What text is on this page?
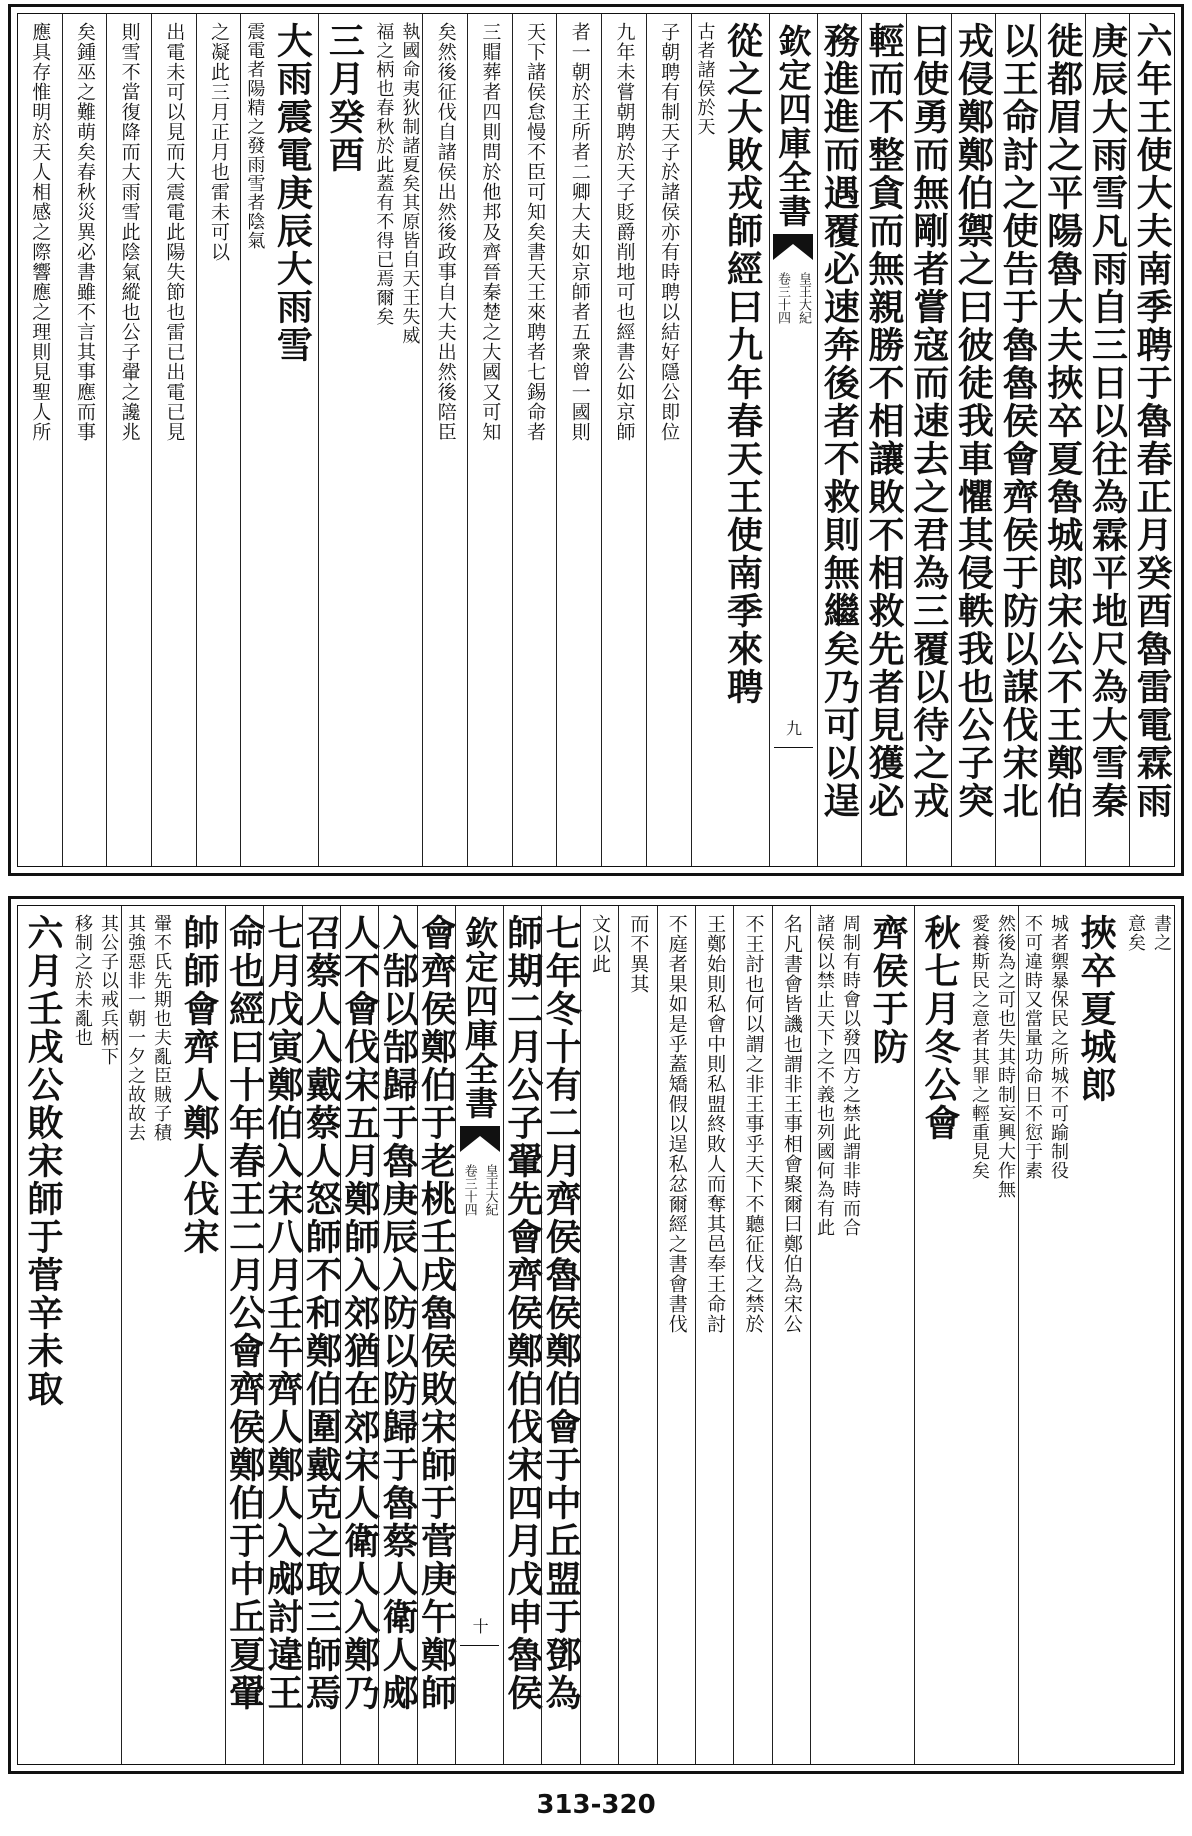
六年王使大夫南季聘于魯春正月癸酉魯雷電霖雨
庚辰大雨雪凡雨自三日以往為霖平地尺為大雪秦
徙都眉之平陽魯大夫挾卒夏魯城郎宋公不王鄭伯
以王命討之使告于魯魯侯會齊侯于防以謀伐宋北
戎侵鄭鄭伯禦之曰彼徒我車懼其侵軼我也公子突
曰使勇而無剛者嘗寇而速去之君為三覆以待之戎
輕而不整貪而無親勝不相讓敗不相救先者見獲必
務進進而遇覆必速奔後者不救則無繼矣乃可以逞
欽定四庫全書
皇王大紀
卷三十四
九
從之大敗戎師經曰九年春天王使南季來聘
古者諸侯於天
子朝聘有制天子於諸侯亦有時聘以結好隱公即位
九年未嘗朝聘於天子貶爵削地可也經書公如京師
者一朝於王所者二卿大夫如京師者五衆曾一國則
天下諸侯怠慢不臣可知矣書天王來聘者七錫命者
三賵葬者四則問於他邦及齊晉秦楚之大國又可知
矣然後征伐自諸侯出然後政事自大夫出然後陪臣
執國命夷狄制諸夏矣其原皆自天王失威
福之柄也春秋於此蓋有不得已焉爾矣
三月癸酉
大雨震電庚辰大雨雪
震電者陽精之發雨雪者陰氣
之凝此三月正月也雷未可以
出電未可以見而大震電此陽失節也雷已出電已見
則雪不當復降而大雨雪此陰氣縱也公子翬之讒兆
矣鍾巫之難萌矣春秋災異必書雖不言其事應而事
應具存惟明於天人相感之際響應之理則見聖人所
書之
意矣
挾卒夏城郎
城者禦暴保民之所城不可踰制役
不可違時又當量功命日不愆于素
然後為之可也失其時制妄興大作無
愛養斯民之意者其罪之輕重見矣
秋七月冬公會
齊侯于防
周制有時會以發四方之禁此謂非時而合
諸侯以禁止天下之不義也列國何為有此
名凡書會皆譏也謂非王事相會聚爾曰鄭伯為宋公
不王討也何以謂之非王事乎天下不聽征伐之禁於
王鄭始則私會中則私盟終敗人而奪其邑奉王命討
不庭者果如是乎蓋矯假以逞私忿爾經之書會書伐
而不異其
文以此
七年冬十有二月齊侯魯侯鄭伯會于中丘盟于鄧為
師期二月公子翬先會齊侯鄭伯伐宋四月戊申魯侯
欽定四庫全書
皇王大紀
卷三十四
十
會齊侯鄭伯于老桃壬戌魯侯敗宋師于菅庚午鄭師
入郜以郜歸于魯庚辰入防以防歸于魯蔡人衛人郕
人不會伐宋五月鄭師入郊猶在郊宋人衛人入鄭乃
召蔡人入戴蔡人怒師不和鄭伯圍戴克之取三師焉
七月戊寅鄭伯入宋八月壬午齊人鄭人入郕討違王
命也經曰十年春王二月公會齊侯鄭伯于中丘夏翬
帥師會齊人鄭人伐宋
翬不氏先期也夫亂臣賊子積
其強惡非一朝一夕之故故去
其公子以戒兵柄下
移制之於未亂也
六月壬戌公敗宋師于菅辛未取
313-320
